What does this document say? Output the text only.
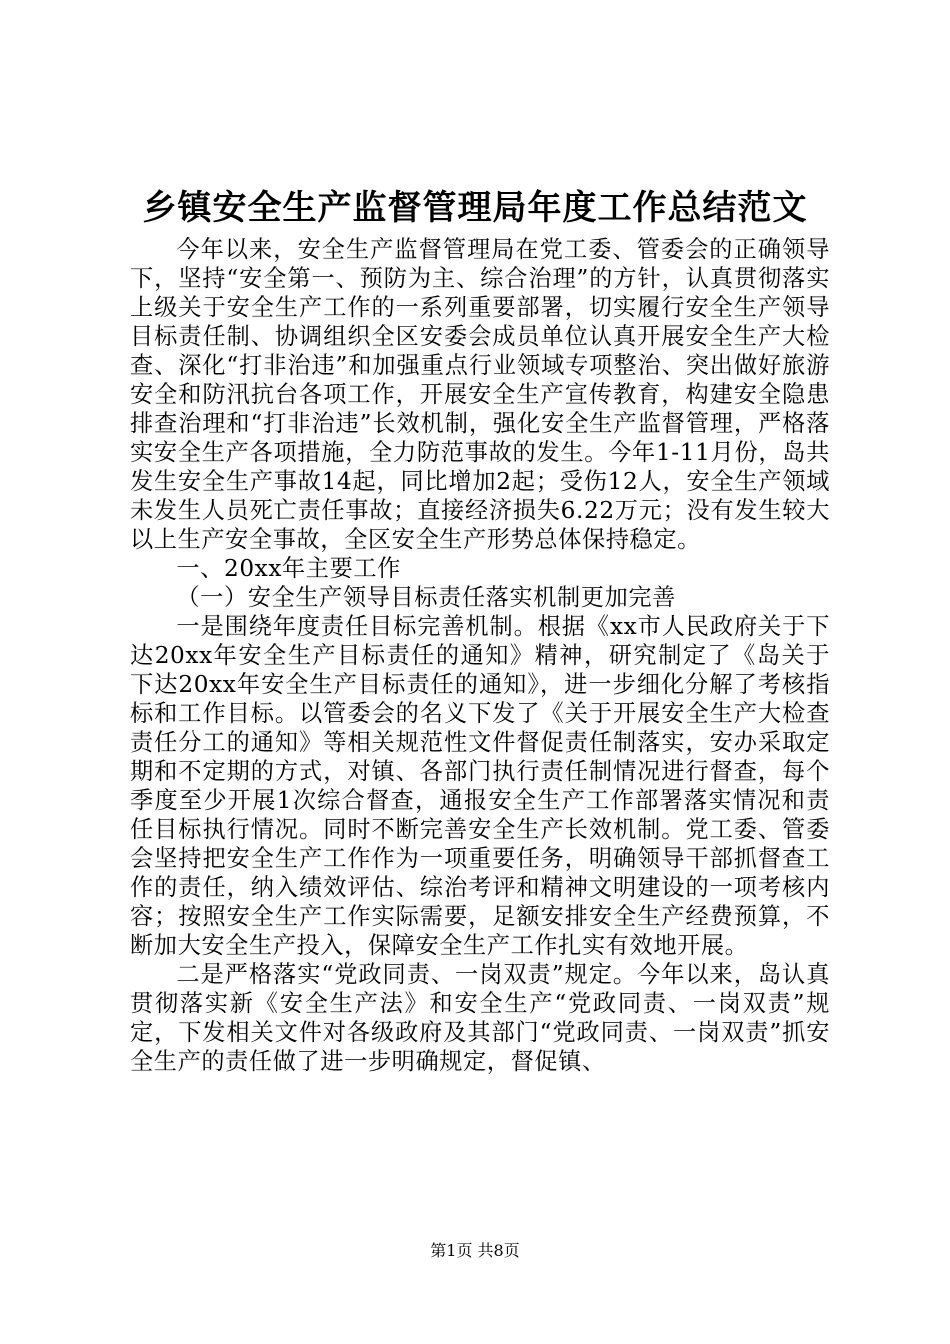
乡镇安全生产监督管理局年度工作总结范文

今年以来，安全生产监督管理局在党工委、管委会的正确领导下，坚持“安全第一、预防为主、综合治理”的方针，认真贯彻落实上级关于安全生产工作的一系列重要部署，切实履行安全生产领导目标责任制、协调组织全区安委会成员单位认真开展安全生产大检查、深化“打非治违”和加强重点行业领域专项整治、突出做好旅游安全和防汛抗台各项工作，开展安全生产宣传教育，构建安全隐患排查治理和“打非治违”长效机制，强化安全生产监督管理，严格落实安全生产各项措施，全力防范事故的发生。今年1-11月份，岛共发生安全生产事故14起，同比增加2起；受伤12人，安全生产领域未发生人员死亡责任事故；直接经济损失6.22万元；没有发生较大以上生产安全事故，全区安全生产形势总体保持稳定。

一、20xx年主要工作

（一）安全生产领导目标责任落实机制更加完善

一是围绕年度责任目标完善机制。根据《xx市人民政府关于下达20xx年安全生产目标责任的通知》精神，研究制定了《岛关于下达20xx年安全生产目标责任的通知》，进一步细化分解了考核指标和工作目标。以管委会的名义下发了《关于开展安全生产大检查责任分工的通知》等相关规范性文件督促责任制落实，安办采取定期和不定期的方式，对镇、各部门执行责任制情况进行督查，每个季度至少开展1次综合督查，通报安全生产工作部署落实情况和责任目标执行情况。同时不断完善安全生产长效机制。党工委、管委会坚持把安全生产工作作为一项重要任务，明确领导干部抓督查工作的责任，纳入绩效评估、综治考评和精神文明建设的一项考核内容；按照安全生产工作实际需要，足额安排安全生产经费预算，不断加大安全生产投入，保障安全生产工作扎实有效地开展。

二是严格落实“党政同责、一岗双责”规定。今年以来，岛认真贯彻落实新《安全生产法》和安全生产“党政同责、一岗双责”规定，下发相关文件对各级政府及其部门“党政同责、一岗双责”抓安全生产的责任做了进一步明确规定，督促镇、

第1页 共8页
